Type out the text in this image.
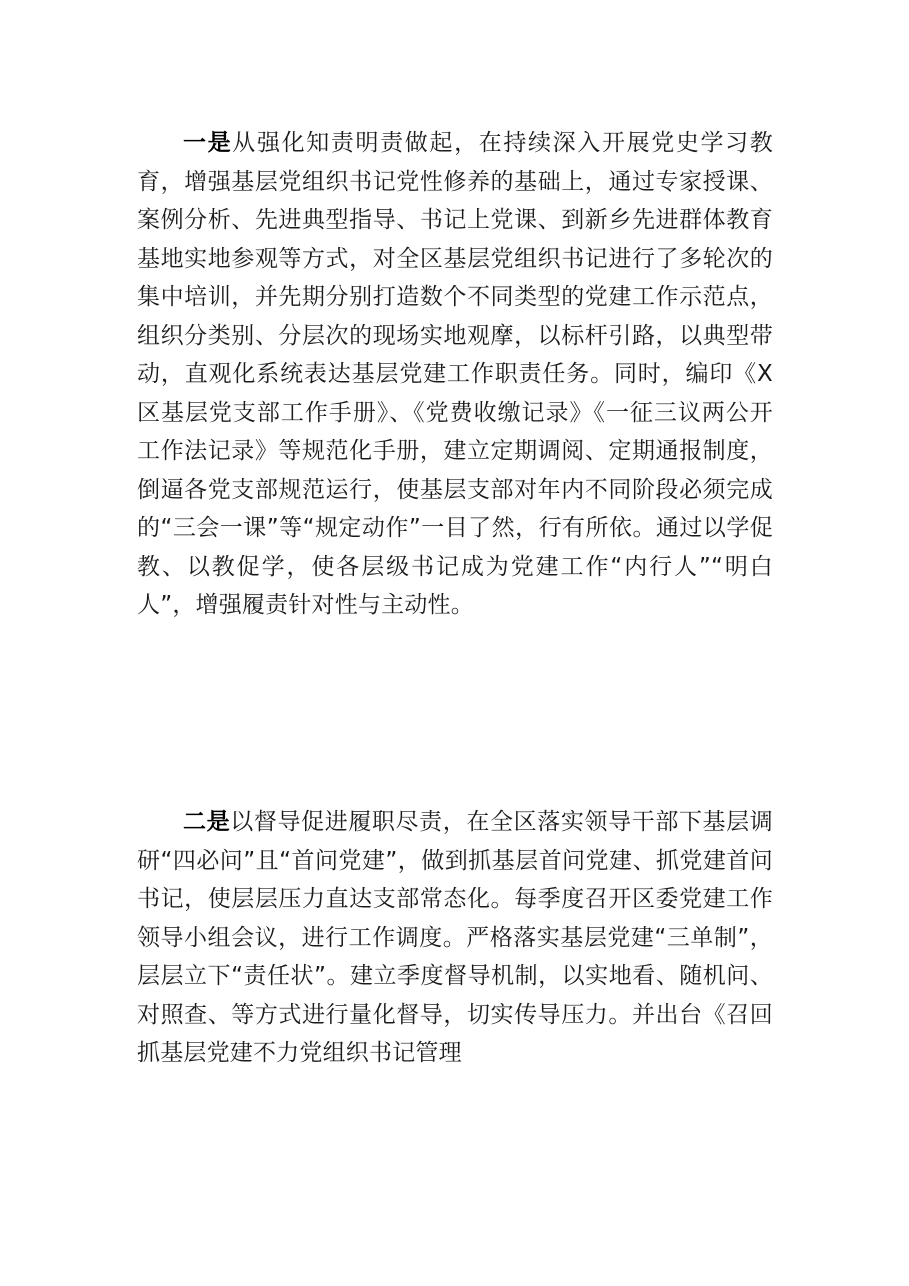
一是从强化知责明责做起，在持续深入开展党史学习教育，增强基层党组织书记党性修养的基础上，通过专家授课、案例分析、先进典型指导、书记上党课、到新乡先进群体教育基地实地参观等方式，对全区基层党组织书记进行了多轮次的集中培训，并先期分别打造数个不同类型的党建工作示范点，组织分类别、分层次的现场实地观摩，以标杆引路，以典型带动，直观化系统表达基层党建工作职责任务。同时，编印《X区基层党支部工作手册》、《党费收缴记录》《一征三议两公开工作法记录》等规范化手册，建立定期调阅、定期通报制度，倒逼各党支部规范运行，使基层支部对年内不同阶段必须完成的“三会一课”等“规定动作”一目了然，行有所依。通过以学促教、以教促学，使各层级书记成为党建工作“内行人”“明白人”，增强履责针对性与主动性。

二是以督导促进履职尽责，在全区落实领导干部下基层调研“四必问”且“首问党建”，做到抓基层首问党建、抓党建首问书记，使层层压力直达支部常态化。每季度召开区委党建工作领导小组会议，进行工作调度。严格落实基层党建“三单制”，层层立下“责任状”。建立季度督导机制，以实地看、随机问、对照查、等方式进行量化督导，切实传导压力。并出台《召回抓基层党建不力党组织书记管理
